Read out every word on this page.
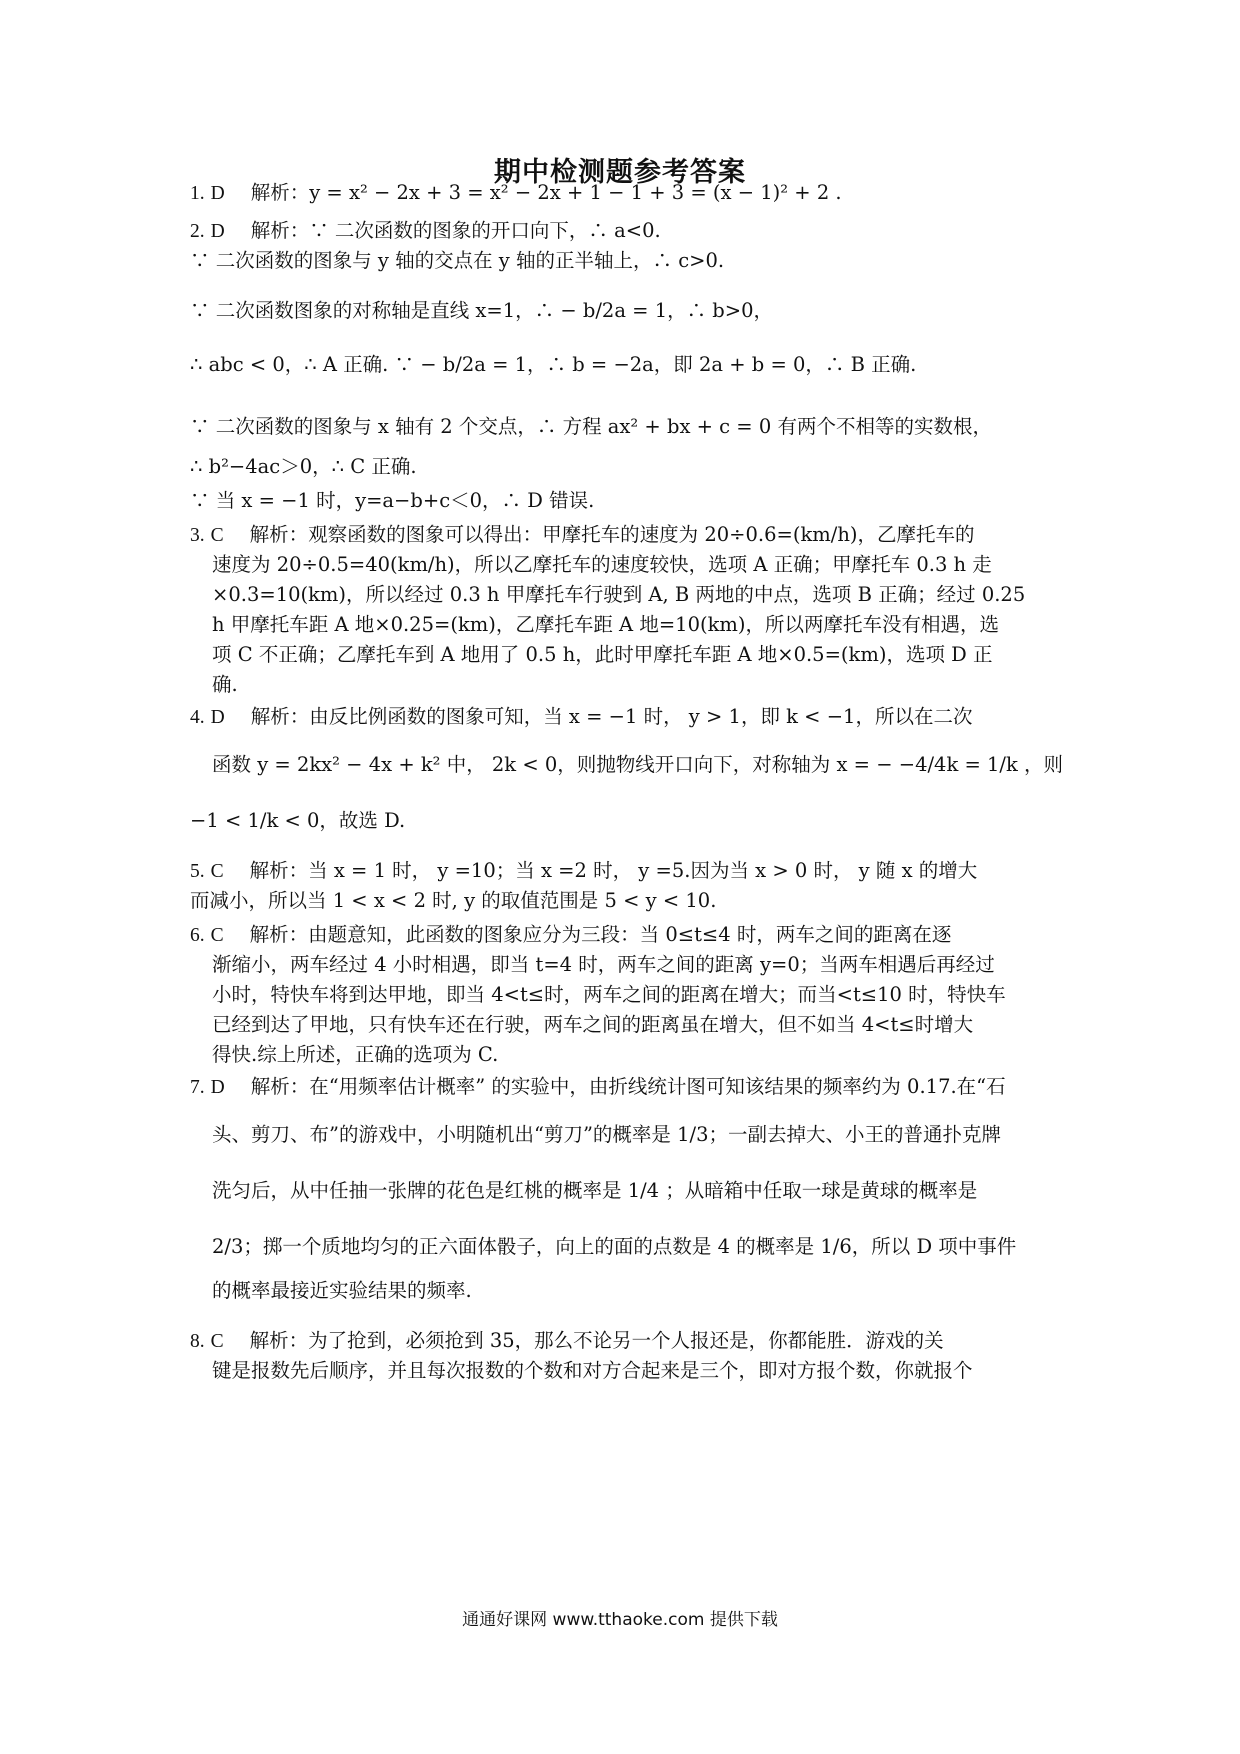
期中检测题参考答案
1. D 解析：y = x² − 2x + 3 = x² − 2x + 1 − 1 + 3 = (x − 1)² + 2 .
2. D 解析：∵ 二次函数的图象的开口向下，∴ a<0.
∵ 二次函数的图象与 y 轴的交点在 y 轴的正半轴上，∴ c>0.
∵ 二次函数图象的对称轴是直线 x=1，∴ − b/2a = 1，∴ b>0，
∴ abc < 0，∴ A 正确. ∵ − b/2a = 1，∴ b = −2a，即 2a + b = 0，∴ B 正确.
∵ 二次函数的图象与 x 轴有 2 个交点，∴ 方程 ax² + bx + c = 0 有两个不相等的实数根，
∴ b²−4ac＞0，∴ C 正确.
∵ 当 x = −1 时，y=a−b+c＜0，∴ D 错误.
3. C 解析：观察函数的图象可以得出：甲摩托车的速度为 20÷0.6=(km/h)，乙摩托车的
速度为 20÷0.5=40(km/h)，所以乙摩托车的速度较快，选项 A 正确；甲摩托车 0.3 h 走
×0.3=10(km)，所以经过 0.3 h 甲摩托车行驶到 A, B 两地的中点，选项 B 正确；经过 0.25
h 甲摩托车距 A 地×0.25=(km)，乙摩托车距 A 地=10(km)，所以两摩托车没有相遇，选
项 C 不正确；乙摩托车到 A 地用了 0.5 h，此时甲摩托车距 A 地×0.5=(km)，选项 D 正
确.
4. D 解析：由反比例函数的图象可知，当 x = −1 时， y > 1，即 k < −1，所以在二次
函数 y = 2kx² − 4x + k² 中， 2k < 0，则抛物线开口向下，对称轴为 x = − −4/4k = 1/k ，则
−1 < 1/k < 0，故选 D.
5. C 解析：当 x = 1 时， y =10；当 x =2 时， y =5.因为当 x > 0 时， y 随 x 的增大
而减小，所以当 1 < x < 2 时, y 的取值范围是 5 < y < 10.
6. C 解析：由题意知，此函数的图象应分为三段：当 0≤t≤4 时，两车之间的距离在逐
渐缩小，两车经过 4 小时相遇，即当 t=4 时，两车之间的距离 y=0；当两车相遇后再经过
小时，特快车将到达甲地，即当 4<t≤时，两车之间的距离在增大；而当<t≤10 时，特快车
已经到达了甲地，只有快车还在行驶，两车之间的距离虽在增大，但不如当 4<t≤时增大
得快.综上所述，正确的选项为 C.
7. D 解析：在“用频率估计概率” 的实验中，由折线统计图可知该结果的频率约为 0.17.在“石
头、剪刀、布”的游戏中，小明随机出“剪刀”的概率是 1/3；一副去掉大、小王的普通扑克牌
洗匀后，从中任抽一张牌的花色是红桃的概率是 1/4 ；从暗箱中任取一球是黄球的概率是
2/3；掷一个质地均匀的正六面体骰子，向上的面的点数是 4 的概率是 1/6，所以 D 项中事件
的概率最接近实验结果的频率.
8. C 解析：为了抢到，必须抢到 35，那么不论另一个人报还是，你都能胜．游戏的关
键是报数先后顺序，并且每次报数的个数和对方合起来是三个，即对方报个数，你就报个
通通好课网 www.tthaoke.com 提供下载
